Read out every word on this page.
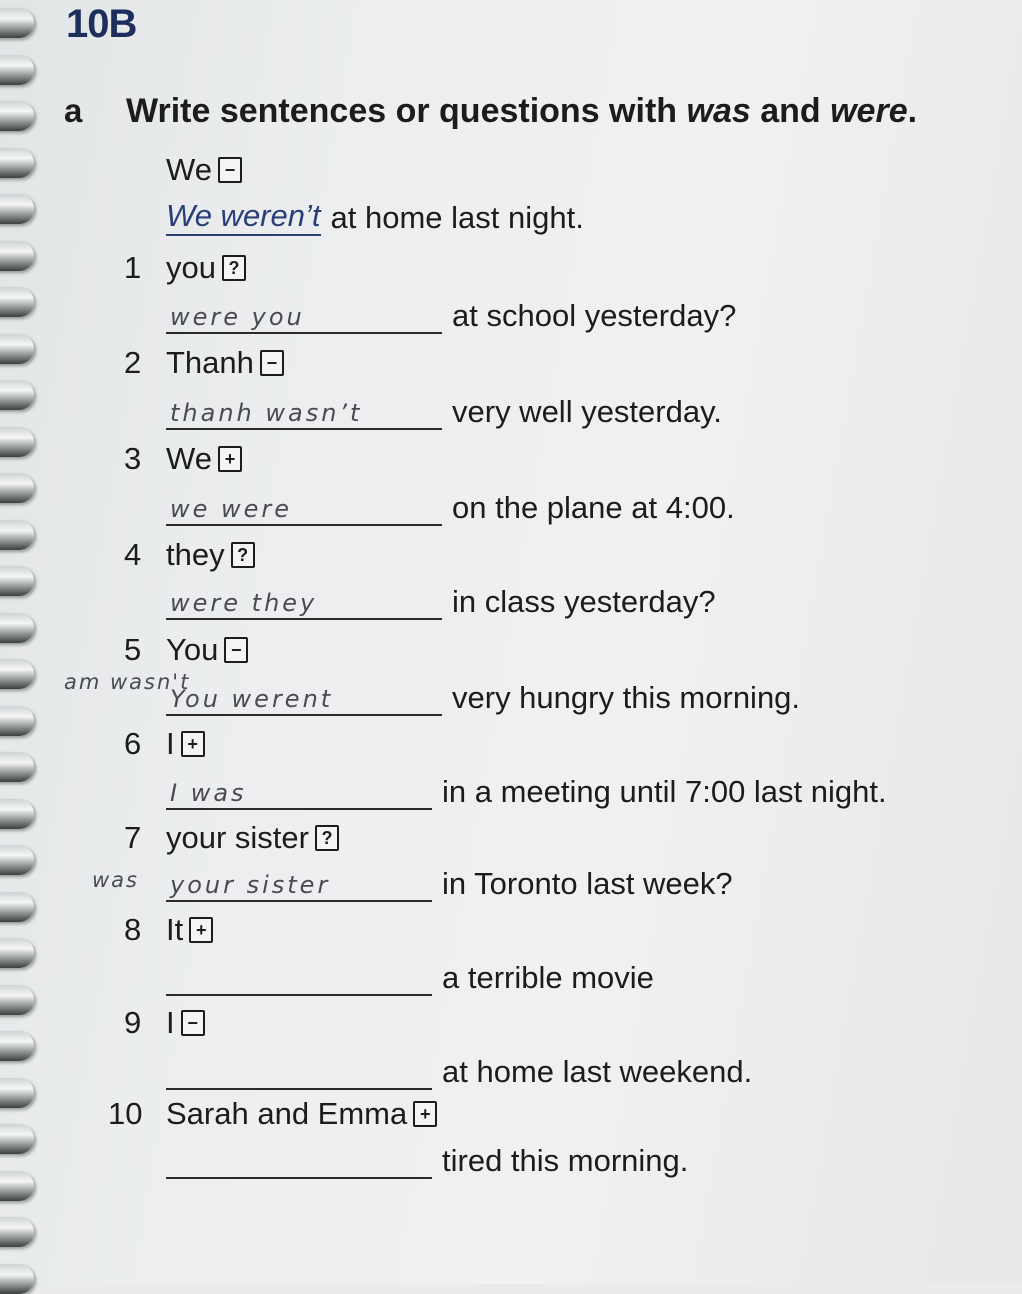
10B
a Write sentences or questions with was and were.
We −
We weren’t at home last night.
1 you ?
were you	at school yesterday?
2 Thanh −
thanh wasn’t	very well yesterday.
3 We +
we were	on the plane at 4:00.
4 they ?
were they	in class yesterday?
5 You −
You werent	very hungry this morning.
6 I +
I was	in a meeting until 7:00 last night.
7 your sister ?
your sister	in Toronto last week?
8 It +
a terrible movie
9 I −
at home last weekend.
10 Sarah and Emma +
tired this morning.
am wasn't
was
